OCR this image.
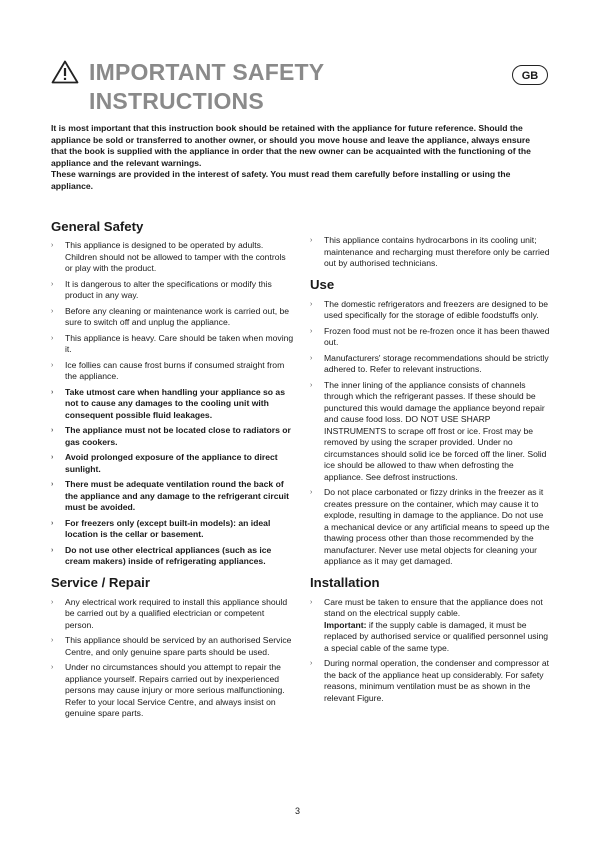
IMPORTANT SAFETY
INSTRUCTIONS
GB

It is most important that this instruction book should be retained with the appliance for future reference. Should the appliance be sold or transferred to another owner, or should you move house and leave the appliance, always ensure that the book is supplied with the appliance in order that the new owner can be acquainted with the functioning of the appliance and the relevant warnings.

These warnings are provided in the interest of safety. You must read them carefully before installing or using the appliance.

General Safety
› This appliance is designed to be operated by adults. Children should not be allowed to tamper with the controls or play with the product.
› It is dangerous to alter the specifications or modify this product in any way.
› Before any cleaning or maintenance work is carried out, be sure to switch off and unplug the appliance.
› This appliance is heavy. Care should be taken when moving it.
› Ice follies can cause frost burns if consumed straight from the appliance.
› Take utmost care when handling your appliance so as not to cause any damages to the cooling unit with consequent possible fluid leakages.
› The appliance must not be located close to radiators or gas cookers.
› Avoid prolonged exposure of the appliance to direct sunlight.
› There must be adequate ventilation round the back of the appliance and any damage to the refrigerant circuit must be avoided.
› For freezers only (except built-in models): an ideal location is the cellar or basement.
› Do not use other electrical appliances (such as ice cream makers) inside of refrigerating appliances.
Service / Repair
› Any electrical work required to install this appliance should be carried out by a qualified electrician or competent person.
› This appliance should be serviced by an authorised Service Centre, and only genuine spare parts should be used.
› Under no circumstances should you attempt to repair the appliance yourself. Repairs carried out by inexperienced persons may cause injury or more serious malfunctioning. Refer to your local Service Centre, and always insist on genuine spare parts.
› This appliance contains hydrocarbons in its cooling unit; maintenance and recharging must therefore only be carried out by authorised technicians.
Use
› The domestic refrigerators and freezers are designed to be used specifically for the storage of edible foodstuffs only.
› Frozen food must not be re-frozen once it has been thawed out.
› Manufacturers' storage recommendations should be strictly adhered to. Refer to relevant instructions.
› The inner lining of the appliance consists of channels through which the refrigerant passes. If these should be punctured this would damage the appliance beyond repair and cause food loss. DO NOT USE SHARP INSTRUMENTS to scrape off frost or ice. Frost may be removed by using the scraper provided. Under no circumstances should solid ice be forced off the liner. Solid ice should be allowed to thaw when defrosting the appliance. See defrost instructions.
› Do not place carbonated or fizzy drinks in the freezer as it creates pressure on the container, which may cause it to explode, resulting in damage to the appliance. Do not use a mechanical device or any artificial means to speed up the thawing process other than those recommended by the manufacturer. Never use metal objects for cleaning your appliance as it may get damaged.
Installation
› Care must be taken to ensure that the appliance does not stand on the electrical supply cable.
Important: if the supply cable is damaged, it must be replaced by authorised service or qualified personnel using a special cable of the same type.
› During normal operation, the condenser and compressor at the back of the appliance heat up considerably. For safety reasons, minimum ventilation must be as shown in the relevant Figure.
3
